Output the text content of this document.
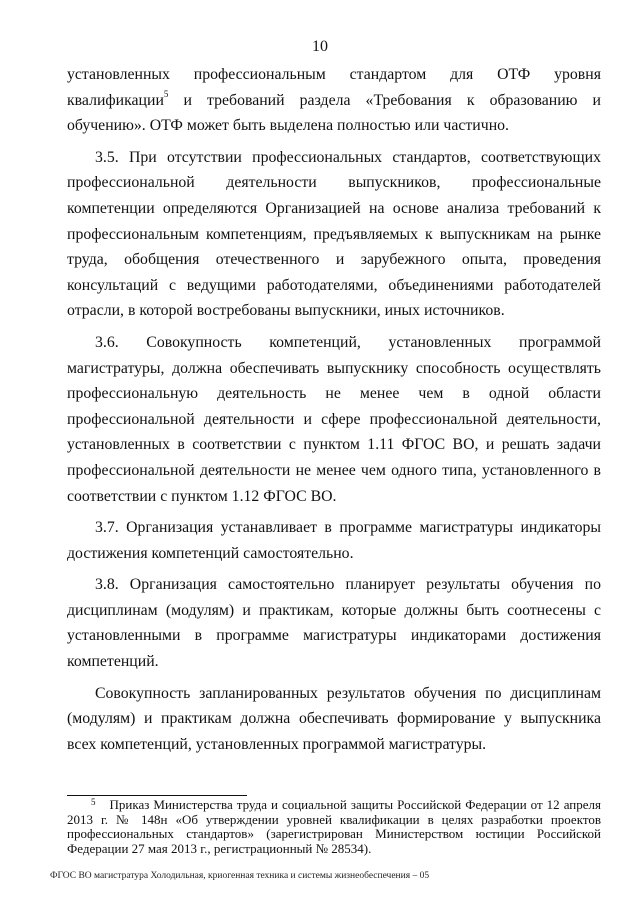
10

установленных профессиональным стандартом для ОТФ уровня квалификации$^5$ и требований раздела «Требования к образованию и обучению». ОТФ может быть выделена полностью или частично.

3.5. При отсутствии профессиональных стандартов, соответствующих профессиональной деятельности выпускников, профессиональные компетенции определяются Организацией на основе анализа требований к профессиональным компетенциям, предъявляемых к выпускникам на рынке труда, обобщения отечественного и зарубежного опыта, проведения консультаций с ведущими работодателями, объединениями работодателей отрасли, в которой востребованы выпускники, иных источников.

3.6. Совокупность компетенций, установленных программой магистратуры, должна обеспечивать выпускнику способность осуществлять профессиональную деятельность не менее чем в одной области профессиональной деятельности и сфере профессиональной деятельности, установленных в соответствии с пунктом 1.11 ФГОС ВО, и решать задачи профессиональной деятельности не менее чем одного типа, установленного в соответствии с пунктом 1.12 ФГОС ВО.

3.7. Организация устанавливает в программе магистратуры индикаторы достижения компетенций самостоятельно.

3.8. Организация самостоятельно планирует результаты обучения по дисциплинам (модулям) и практикам, которые должны быть соотнесены с установленными в программе магистратуры индикаторами достижения компетенций.

Совокупность запланированных результатов обучения по дисциплинам (модулям) и практикам должна обеспечивать формирование у выпускника всех компетенций, установленных программой магистратуры.

$^5$ Приказ Министерства труда и социальной защиты Российской Федерации от 12 апреля 2013 г. № 148н «Об утверждении уровней квалификации в целях разработки проектов профессиональных стандартов» (зарегистрирован Министерством юстиции Российской Федерации 27 мая 2013 г., регистрационный № 28534).
ФГОС ВО магистратура Холодильная, криогенная техника и системы жизнеобеспечения – 05
